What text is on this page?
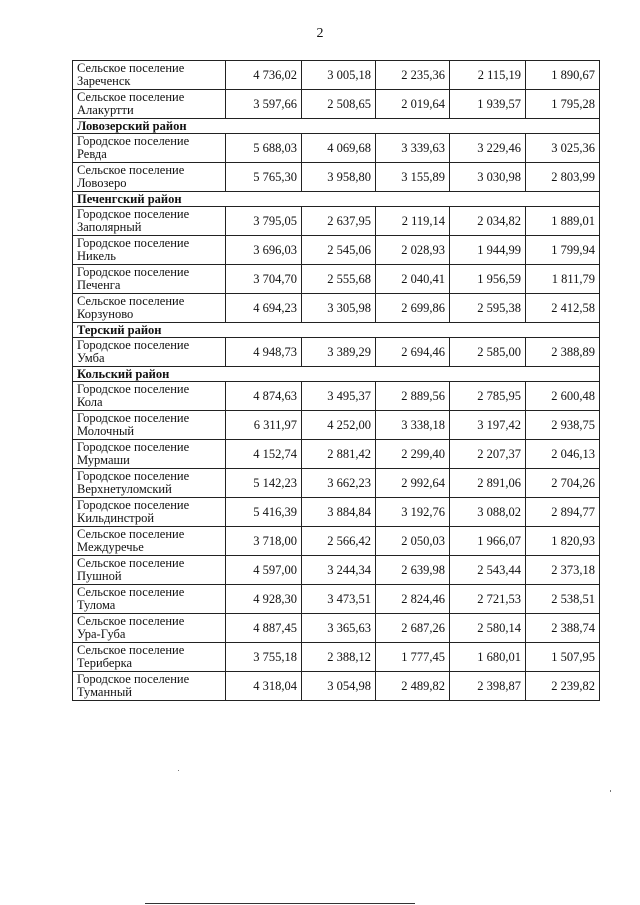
2
Сельское поселение
Зареченск	4 736,02	3 005,18	2 235,36	2 115,19	1 890,67

Сельское поселение
Алакуртти	3 597,66	2 508,65	2 019,64	1 939,57	1 795,28
Ловозерский район					

Городское поселение
Ревда	5 688,03	4 069,68	3 339,63	3 229,46	3 025,36

Сельское поселение
Ловозеро	5 765,30	3 958,80	3 155,89	3 030,98	2 803,99
Печенгский район					

Городское поселение
Заполярный	3 795,05	2 637,95	2 119,14	2 034,82	1 889,01

Городское поселение
Никель	3 696,03	2 545,06	2 028,93	1 944,99	1 799,94

Городское поселение
Печенга	3 704,70	2 555,68	2 040,41	1 956,59	1 811,79

Сельское поселение
Корзуново	4 694,23	3 305,98	2 699,86	2 595,38	2 412,58
Терский район					

Городское поселение
Умба	4 948,73	3 389,29	2 694,46	2 585,00	2 388,89
Кольский район					

Городское поселение
Кола	4 874,63	3 495,37	2 889,56	2 785,95	2 600,48

Городское поселение
Молочный	6 311,97	4 252,00	3 338,18	3 197,42	2 938,75

Городское поселение
Мурмаши	4 152,74	2 881,42	2 299,40	2 207,37	2 046,13

Городское поселение
Верхнетуломский	5 142,23	3 662,23	2 992,64	2 891,06	2 704,26

Городское поселение
Кильдинстрой	5 416,39	3 884,84	3 192,76	3 088,02	2 894,77

Сельское поселение
Междуречье	3 718,00	2 566,42	2 050,03	1 966,07	1 820,93

Сельское поселение
Пушной	4 597,00	3 244,34	2 639,98	2 543,44	2 373,18

Сельское поселение
Тулома	4 928,30	3 473,51	2 824,46	2 721,53	2 538,51

Сельское поселение
Ура-Губа	4 887,45	3 365,63	2 687,26	2 580,14	2 388,74

Сельское поселение
Териберка	3 755,18	2 388,12	1 777,45	1 680,01	1 507,95

Городское поселение
Туманный	4 318,04	3 054,98	2 489,82	2 398,87	2 239,82
